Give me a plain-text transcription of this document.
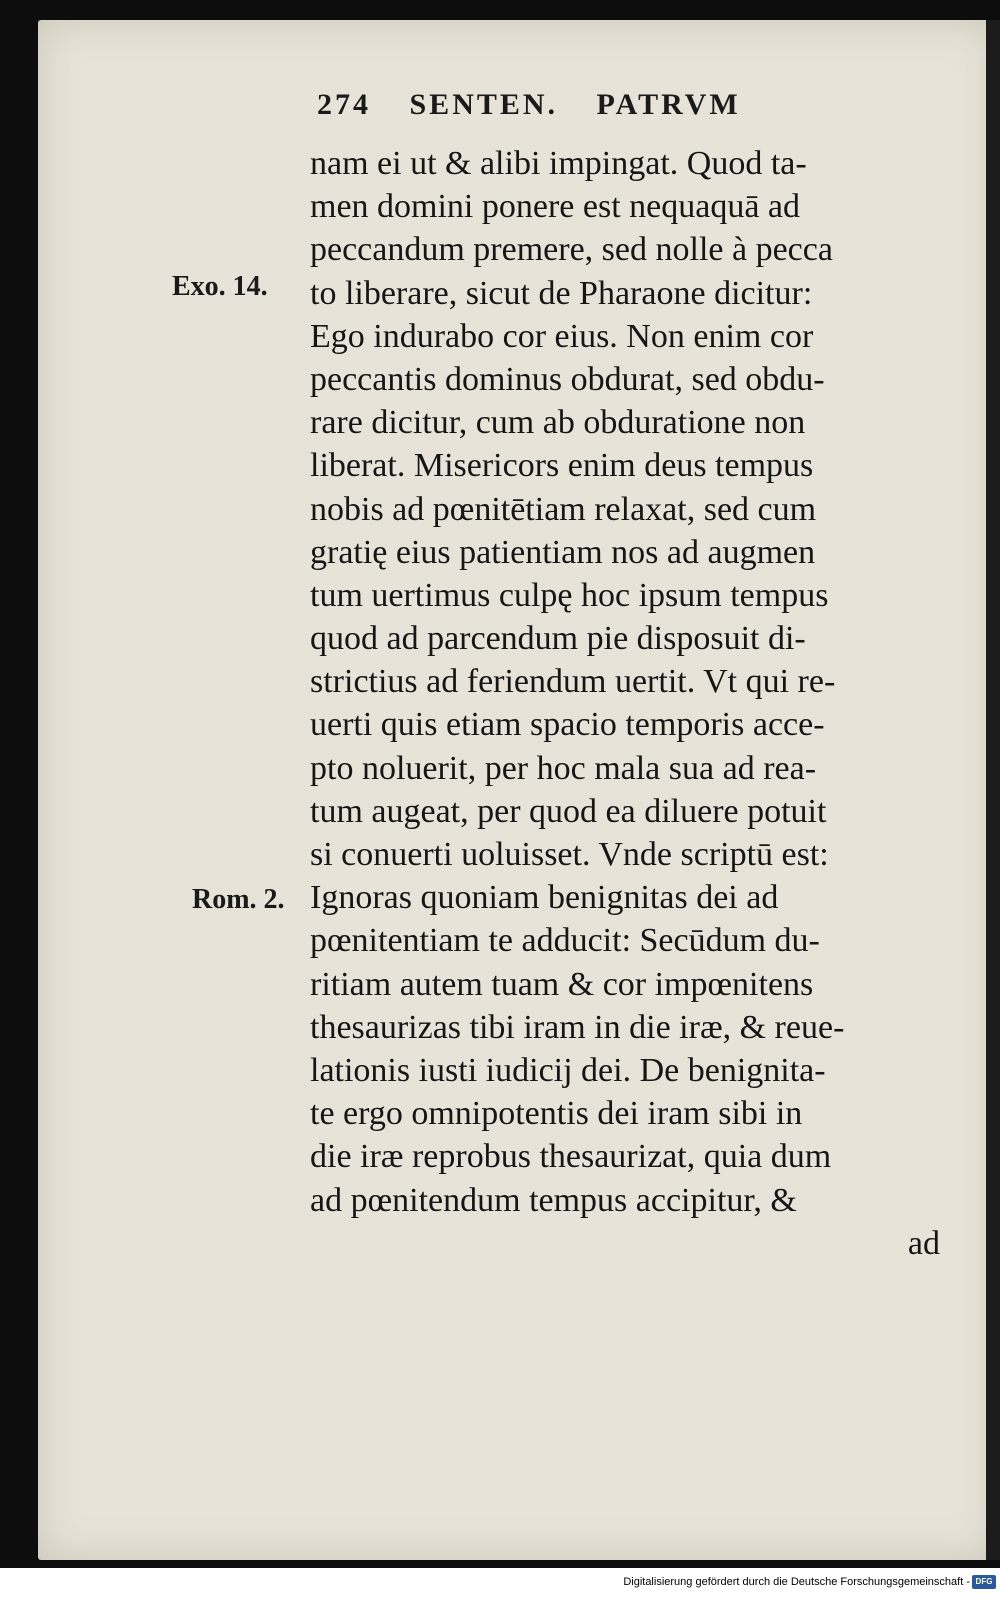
274 SENTEN. PATRVM
Exo. 14.
Rom. 2.
nam ei ut & alibi impingat. Quod ta-
men domini ponere est nequaquā ad
peccandum premere, sed nolle à pecca
to liberare, sicut de Pharaone dicitur:
Ego indurabo cor eius. Non enim cor
peccantis dominus obdurat, sed obdu-
rare dicitur, cum ab obduratione non
liberat. Misericors enim deus tempus
nobis ad pœnitētiam relaxat, sed cum
gratię eius patientiam nos ad augmen
tum uertimus culpę hoc ipsum tempus
quod ad parcendum pie disposuit di-
strictius ad feriendum uertit. Vt qui re-
uerti quis etiam spacio temporis acce-
pto noluerit, per hoc mala sua ad rea-
tum augeat, per quod ea diluere potuit
si conuerti uoluisset. Vnde scriptū est:
Ignoras quoniam benignitas dei ad
pœnitentiam te adducit: Secūdum du-
ritiam autem tuam & cor impœnitens
thesaurizas tibi iram in die iræ, & reue-
lationis iusti iudicij dei. De benignita-
te ergo omnipotentis dei iram sibi in
die iræ reprobus thesaurizat, quia dum
ad pœnitendum tempus accipitur, &
ad
Digitalisierung gefördert durch die Deutsche Forschungsgemeinschaft - DFG
